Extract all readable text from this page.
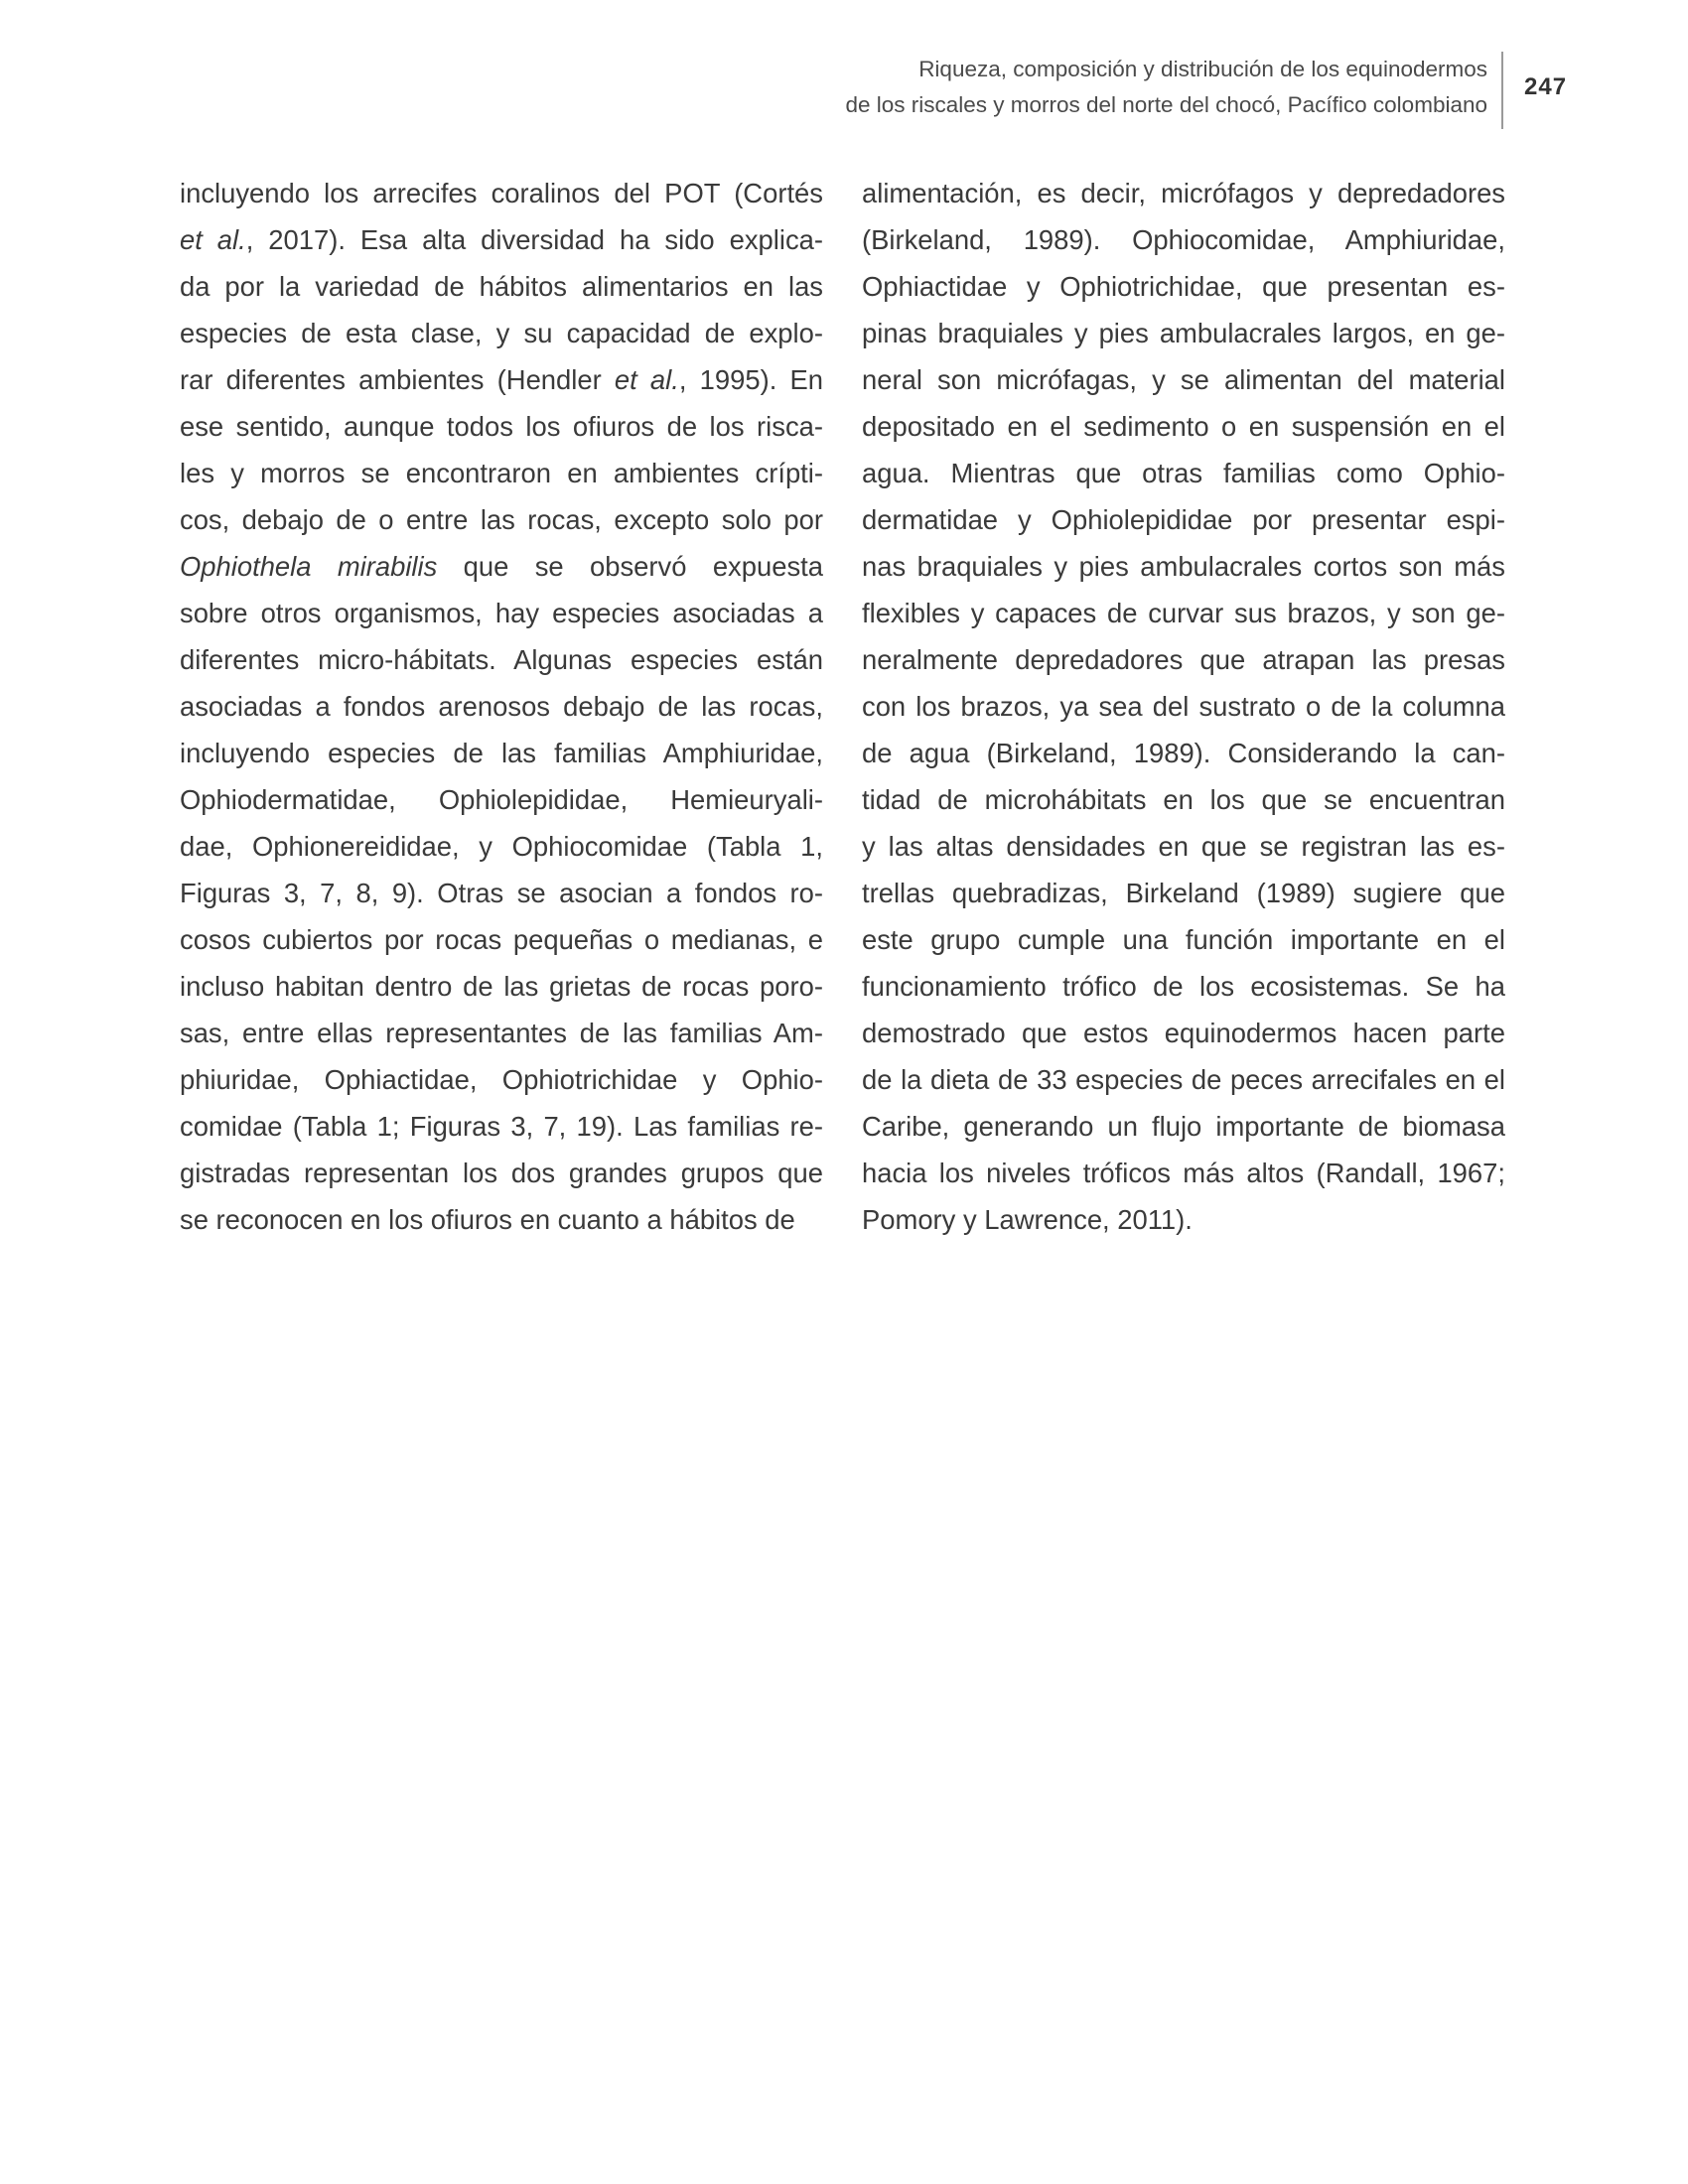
Riqueza, composición y distribución de los equinodermos
de los riscales y morros del norte del chocó, Pacífico colombiano
247
incluyendo los arrecifes coralinos del POT (Cortés
et al., 2017). Esa alta diversidad ha sido explica-
da por la variedad de hábitos alimentarios en las
especies de esta clase, y su capacidad de explo-
rar diferentes ambientes (Hendler et al., 1995). En
ese sentido, aunque todos los ofiuros de los risca-
les y morros se encontraron en ambientes crípti-
cos, debajo de o entre las rocas, excepto solo por
Ophiothela mirabilis que se observó expuesta
sobre otros organismos, hay especies asociadas a
diferentes micro-hábitats. Algunas especies están
asociadas a fondos arenosos debajo de las rocas,
incluyendo especies de las familias Amphiuridae,
Ophiodermatidae, Ophiolepididae, Hemieuryali-
dae, Ophionereididae, y Ophiocomidae (Tabla 1,
Figuras 3, 7, 8, 9). Otras se asocian a fondos ro-
cosos cubiertos por rocas pequeñas o medianas, e
incluso habitan dentro de las grietas de rocas poro-
sas, entre ellas representantes de las familias Am-
phiuridae, Ophiactidae, Ophiotrichidae y Ophio-
comidae (Tabla 1; Figuras 3, 7, 19). Las familias re-
gistradas representan los dos grandes grupos que
se reconocen en los ofiuros en cuanto a hábitos de
alimentación, es decir, micrófagos y depredadores
(Birkeland, 1989). Ophiocomidae, Amphiuridae,
Ophiactidae y Ophiotrichidae, que presentan es-
pinas braquiales y pies ambulacrales largos, en ge-
neral son micrófagas, y se alimentan del material
depositado en el sedimento o en suspensión en el
agua. Mientras que otras familias como Ophio-
dermatidae y Ophiolepididae por presentar espi-
nas braquiales y pies ambulacrales cortos son más
flexibles y capaces de curvar sus brazos, y son ge-
neralmente depredadores que atrapan las presas
con los brazos, ya sea del sustrato o de la columna
de agua (Birkeland, 1989). Considerando la can-
tidad de microhábitats en los que se encuentran
y las altas densidades en que se registran las es-
trellas quebradizas, Birkeland (1989) sugiere que
este grupo cumple una función importante en el
funcionamiento trófico de los ecosistemas. Se ha
demostrado que estos equinodermos hacen parte
de la dieta de 33 especies de peces arrecifales en el
Caribe, generando un flujo importante de biomasa
hacia los niveles tróficos más altos (Randall, 1967;
Pomory y Lawrence, 2011).
